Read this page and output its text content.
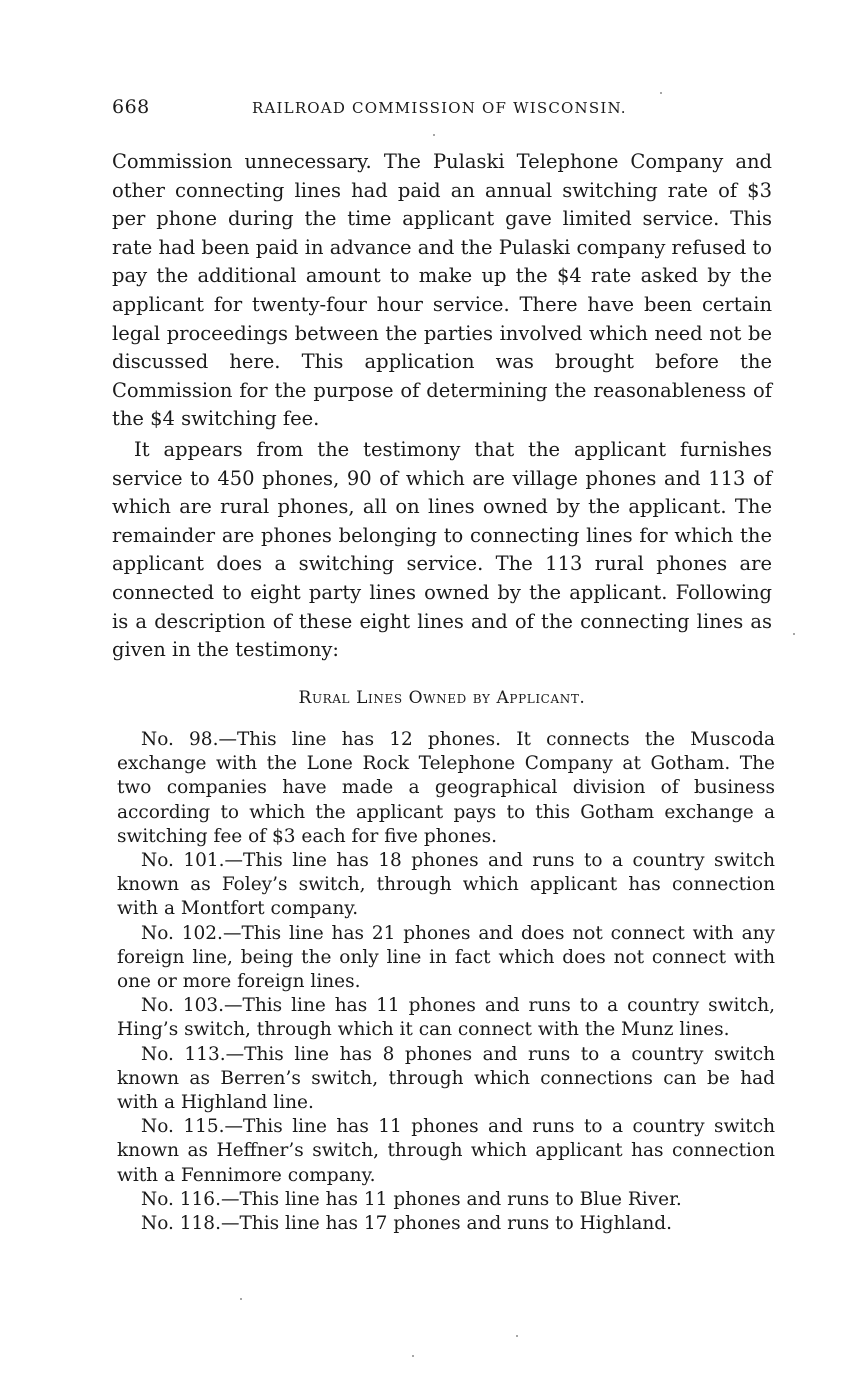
668	RAILROAD COMMISSION OF WISCONSIN.

Commission unnecessary. The Pulaski Telephone Company and other connecting lines had paid an annual switching rate of $3 per phone during the time applicant gave limited service. This rate had been paid in advance and the Pulaski company refused to pay the additional amount to make up the $4 rate asked by the applicant for twenty-four hour service. There have been certain legal proceedings between the parties involved which need not be discussed here. This application was brought before the Commission for the purpose of determining the reasonableness of the $4 switching fee.

It appears from the testimony that the applicant furnishes service to 450 phones, 90 of which are village phones and 113 of which are rural phones, all on lines owned by the applicant. The remainder are phones belonging to connecting lines for which the applicant does a switching service. The 113 rural phones are connected to eight party lines owned by the applicant. Following is a description of these eight lines and of the connecting lines as given in the testimony:

Rural Lines Owned by Applicant.

No. 98.—This line has 12 phones. It connects the Muscoda exchange with the Lone Rock Telephone Company at Gotham. The two companies have made a geographical division of business according to which the applicant pays to this Gotham exchange a switching fee of $3 each for five phones.

No. 101.—This line has 18 phones and runs to a country switch known as Foley’s switch, through which applicant has connection with a Montfort company.

No. 102.—This line has 21 phones and does not connect with any foreign line, being the only line in fact which does not connect with one or more foreign lines.

No. 103.—This line has 11 phones and runs to a country switch, Hing’s switch, through which it can connect with the Munz lines.

No. 113.—This line has 8 phones and runs to a country switch known as Berren’s switch, through which connections can be had with a Highland line.

No. 115.—This line has 11 phones and runs to a country switch known as Heffner’s switch, through which applicant has connection with a Fennimore company.

No. 116.—This line has 11 phones and runs to Blue River.

No. 118.—This line has 17 phones and runs to Highland.
